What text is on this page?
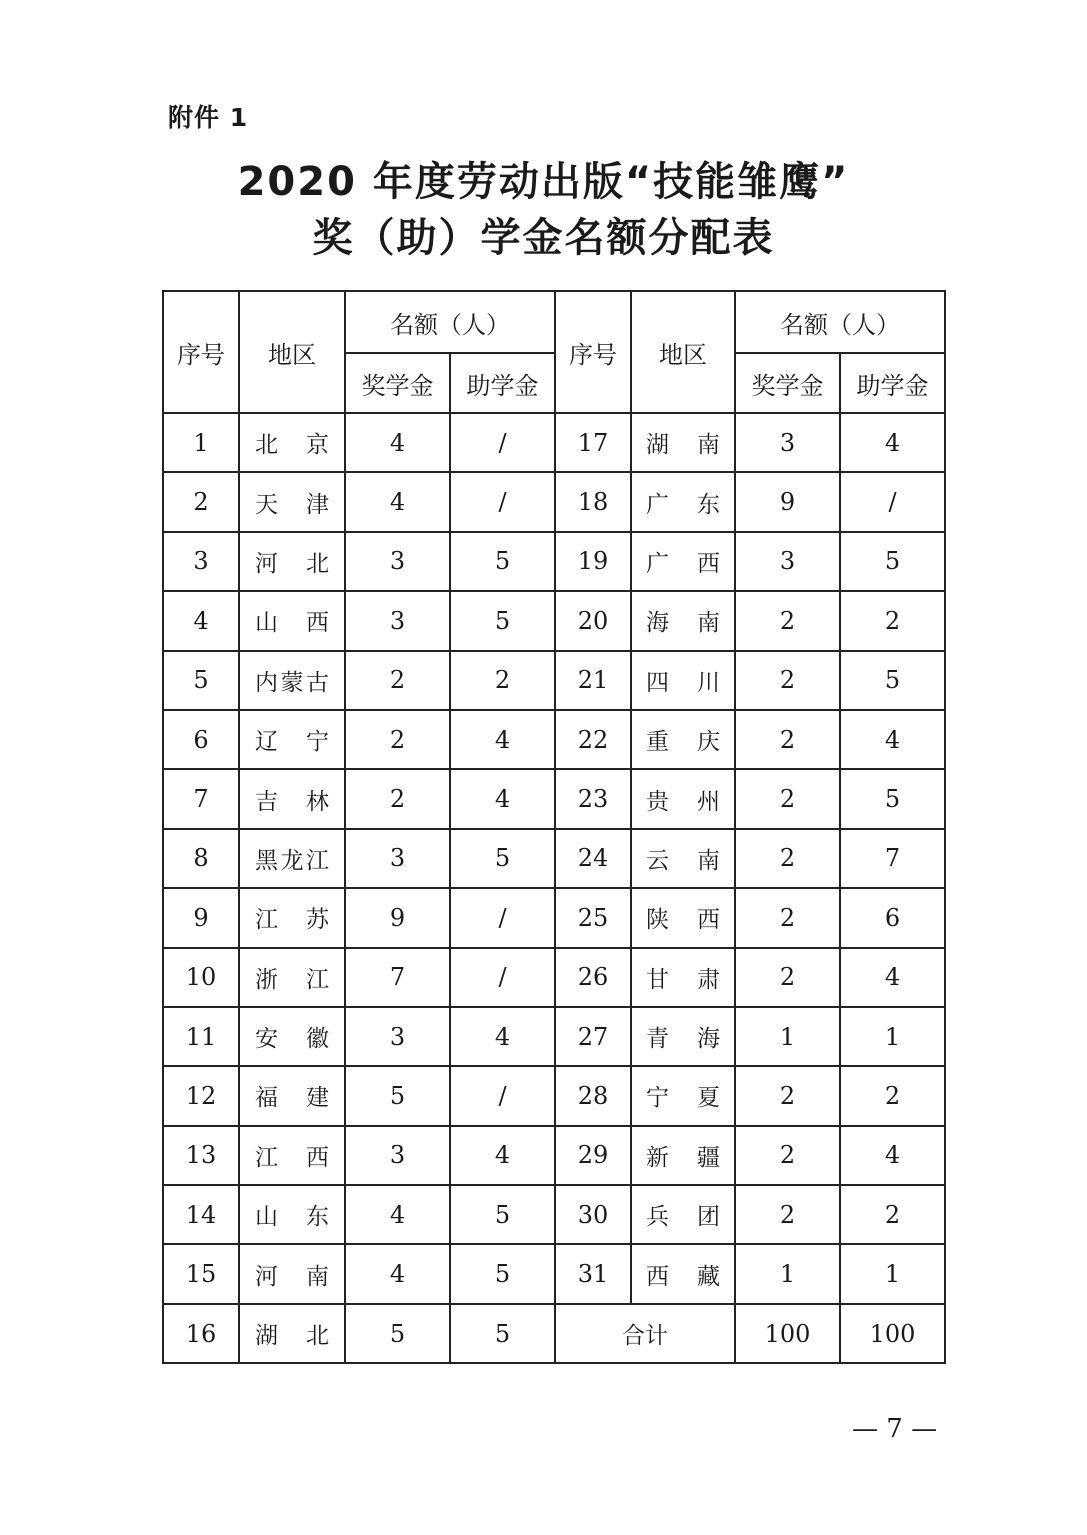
附件 1
2020 年度劳动出版“技能雏鹰”
奖（助）学金名额分配表
序号	地区	名额（人）		序号	地区	名额（人）	
		奖学金	助学金			奖学金	助学金
1	北京	4	/	17	湖南	3	4
2	天津	4	/	18	广东	9	/
3	河北	3	5	19	广西	3	5
4	山西	3	5	20	海南	2	2
5	内蒙古	2	2	21	四川	2	5
6	辽宁	2	4	22	重庆	2	4
7	吉林	2	4	23	贵州	2	5
8	黑龙江	3	5	24	云南	2	7
9	江苏	9	/	25	陕西	2	6
10	浙江	7	/	26	甘肃	2	4
11	安徽	3	4	27	青海	1	1
12	福建	5	/	28	宁夏	2	2
13	江西	3	4	29	新疆	2	4
14	山东	4	5	30	兵团	2	2
15	河南	4	5	31	西藏	1	1
16	湖北	5	5	合计		100	100
— 7 —
